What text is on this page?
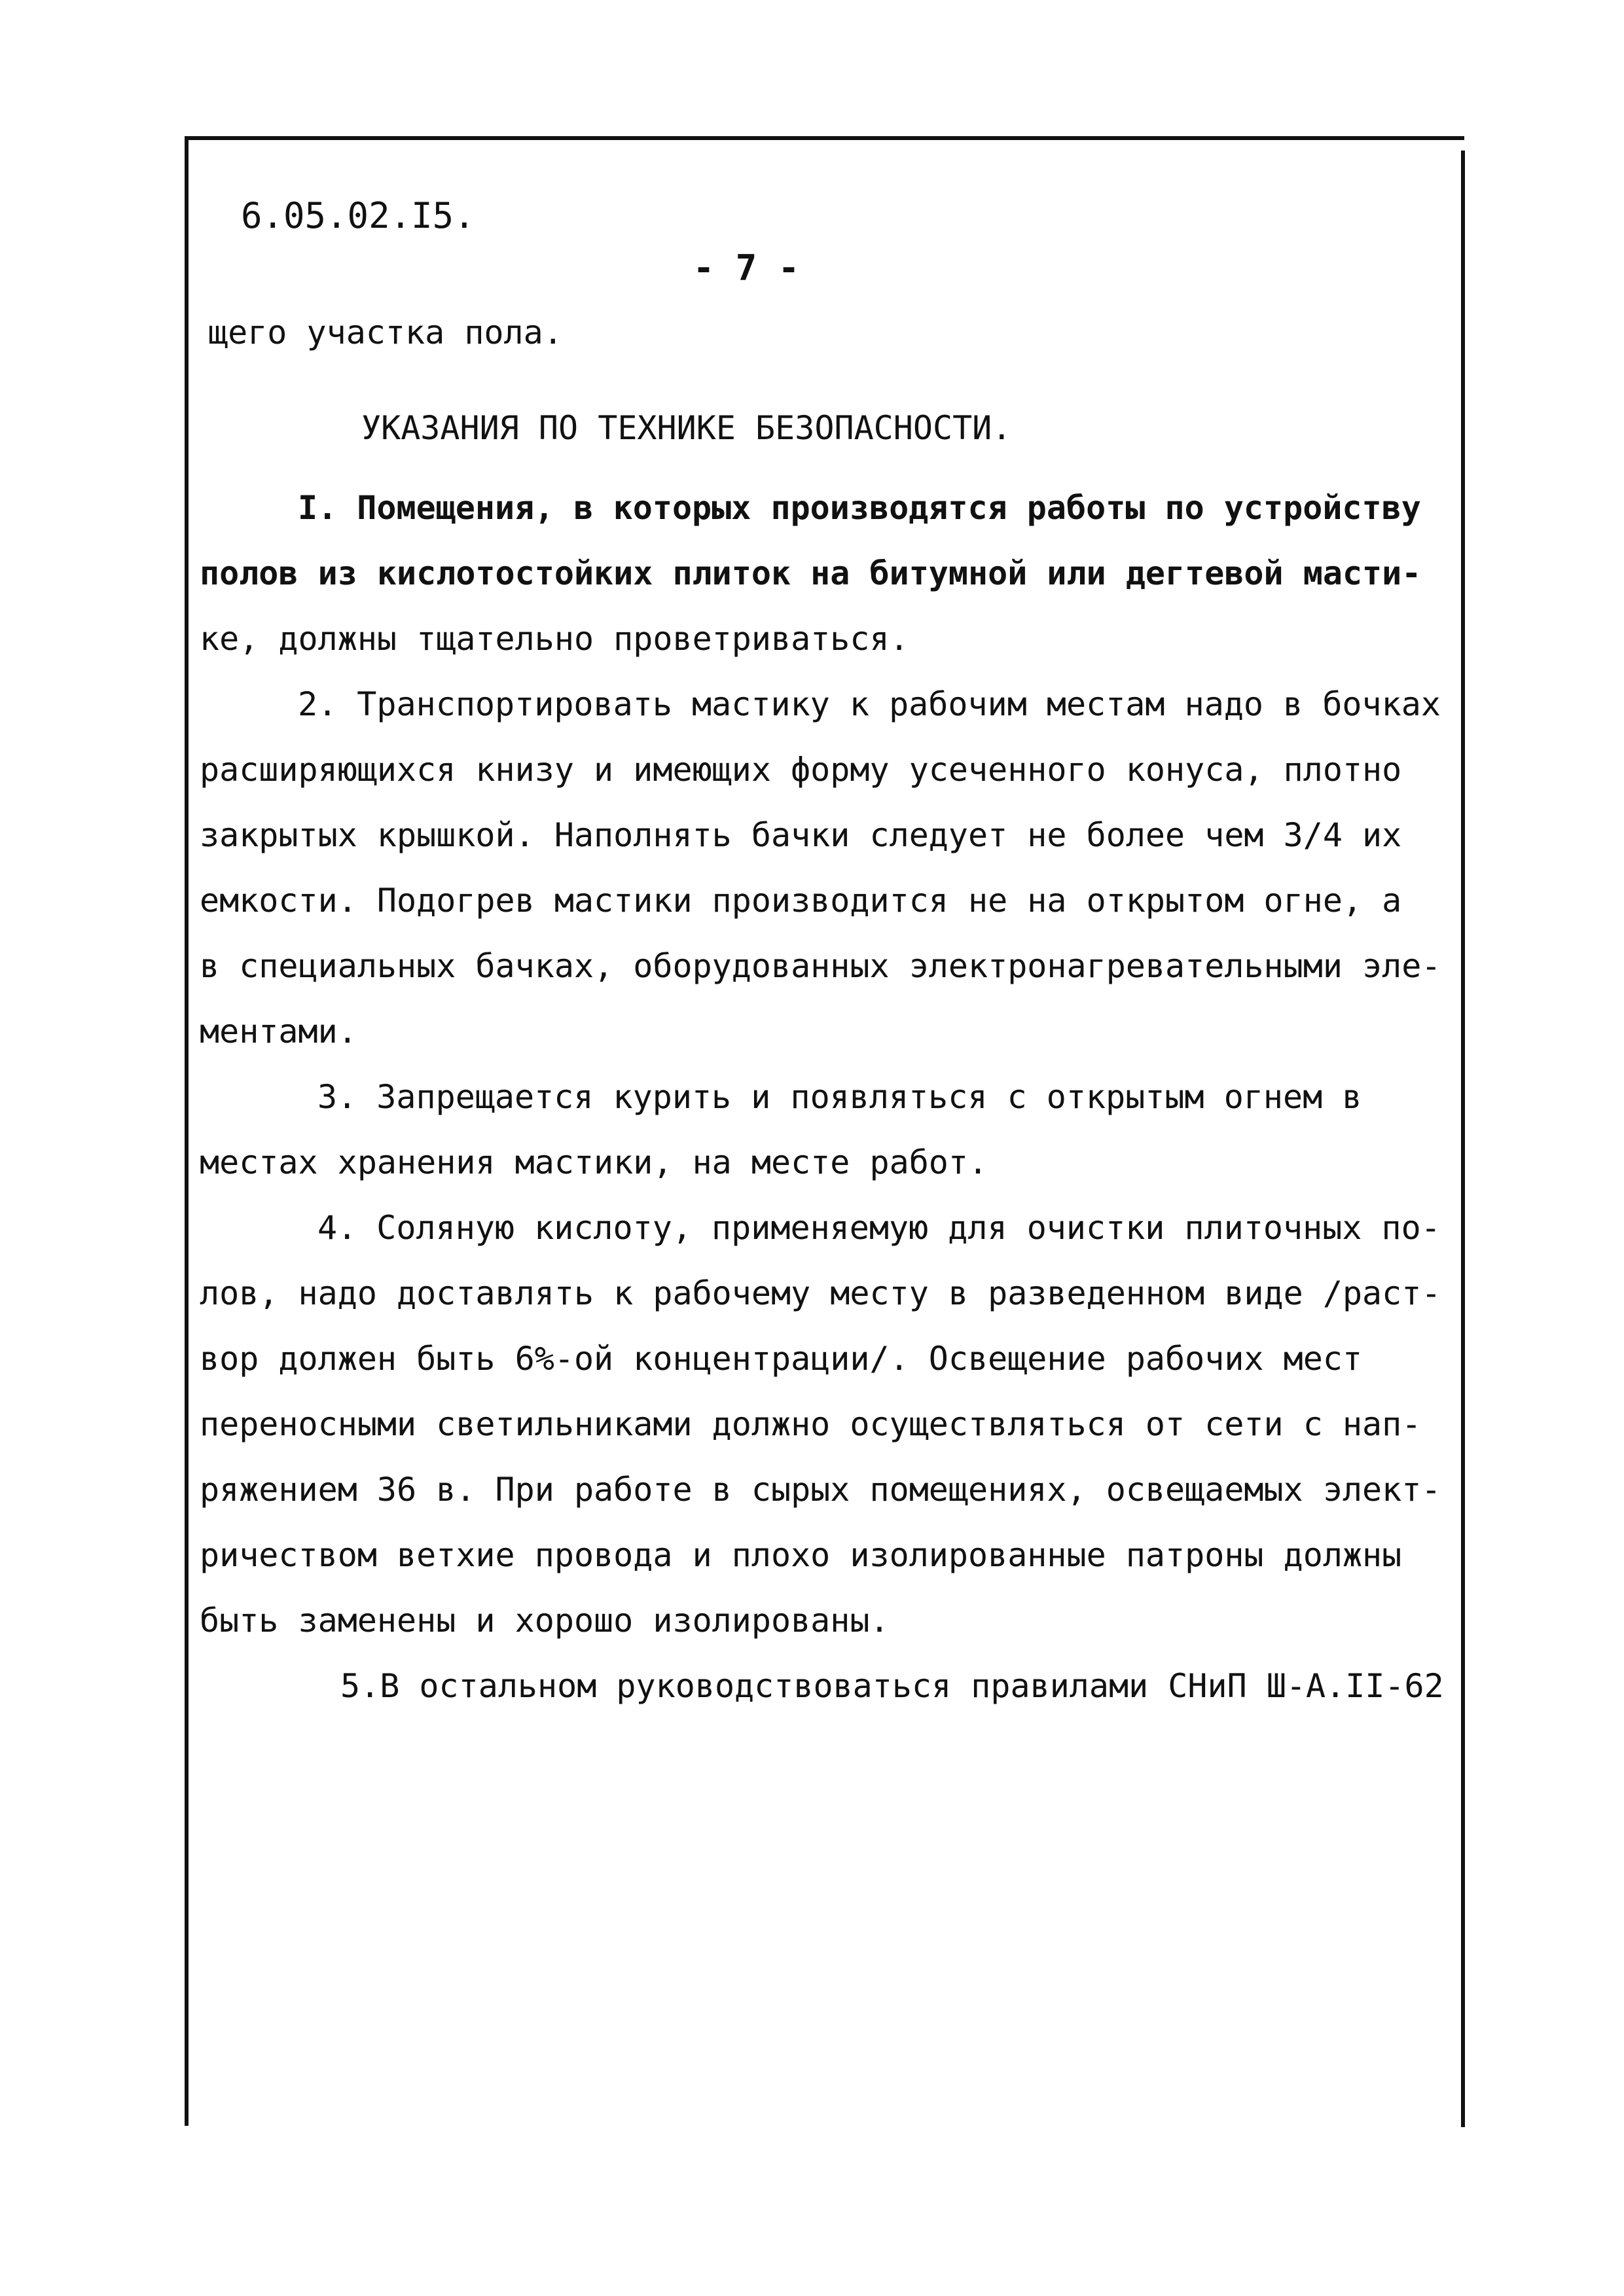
6.05.02.I5.
- 7 -
щего участка пола.
УКАЗАНИЯ ПО ТЕХНИКЕ БЕЗОПАСНОСТИ.
I. Помещения, в которых производятся работы по устройству
полов из кислотостойких плиток на битумной или дегтевой масти-
ке, должны тщательно проветриваться.
2. Транспортировать мастику к рабочим местам надо в бочках
расширяющихся книзу и имеющих форму усеченного конуса, плотно
закрытых крышкой. Наполнять бачки следует не более чем 3/4 их
емкости. Подогрев мастики производится не на открытом огне, а
в специальных бачках, оборудованных электронагревательными эле-
ментами.
3. Запрещается курить и появляться с открытым огнем в
местах хранения мастики, на месте работ.
4. Соляную кислоту, применяемую для очистки плиточных по-
лов, надо доставлять к рабочему месту в разведенном виде /раст-
вор должен быть 6%-ой концентрации/. Освещение рабочих мест
переносными светильниками должно осуществляться от сети с нап-
ряжением 36 в. При работе в сырых помещениях, освещаемых элект-
ричеством ветхие провода и плохо изолированные патроны должны
быть заменены и хорошо изолированы.
5.В остальном руководствоваться правилами СНиП Ш-А.II-62
